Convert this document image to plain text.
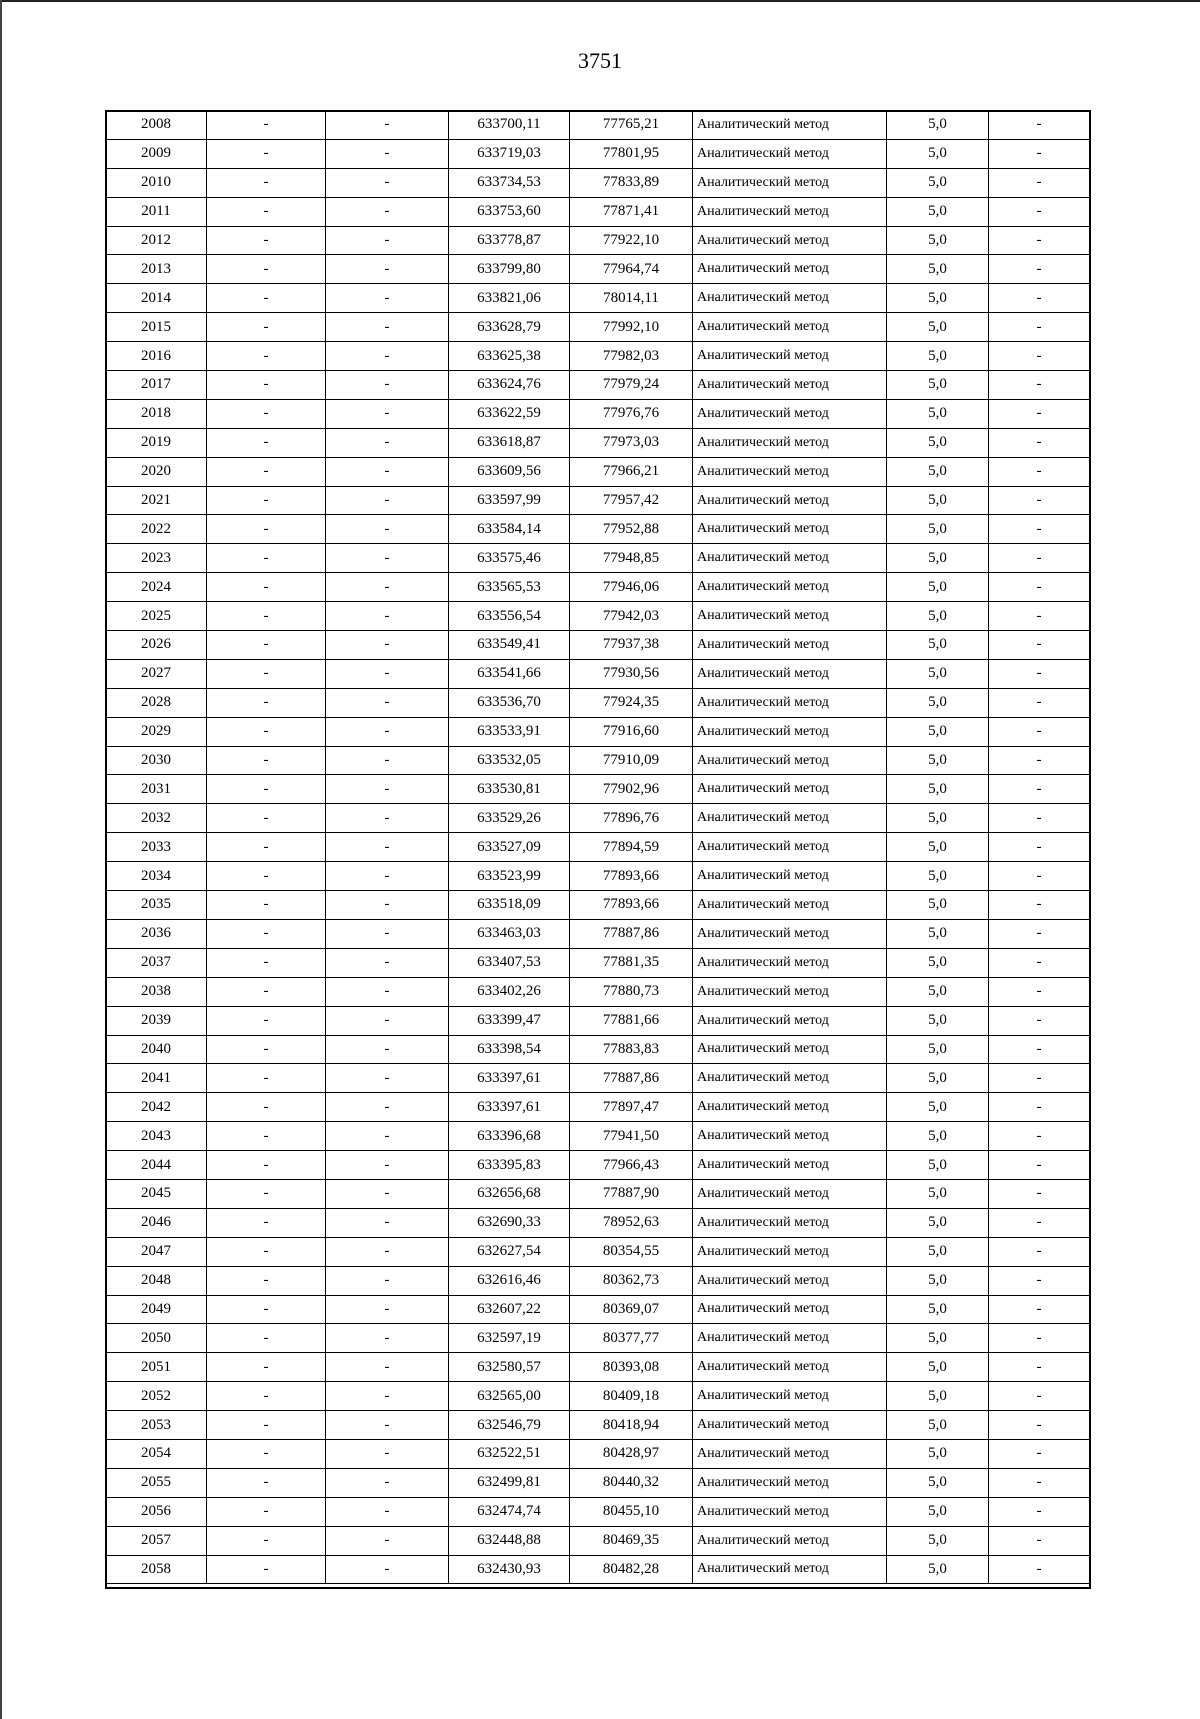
3751
2008	-	-	633700,11	77765,21	Аналитический метод	5,0	-
2009	-	-	633719,03	77801,95	Аналитический метод	5,0	-
2010	-	-	633734,53	77833,89	Аналитический метод	5,0	-
2011	-	-	633753,60	77871,41	Аналитический метод	5,0	-
2012	-	-	633778,87	77922,10	Аналитический метод	5,0	-
2013	-	-	633799,80	77964,74	Аналитический метод	5,0	-
2014	-	-	633821,06	78014,11	Аналитический метод	5,0	-
2015	-	-	633628,79	77992,10	Аналитический метод	5,0	-
2016	-	-	633625,38	77982,03	Аналитический метод	5,0	-
2017	-	-	633624,76	77979,24	Аналитический метод	5,0	-
2018	-	-	633622,59	77976,76	Аналитический метод	5,0	-
2019	-	-	633618,87	77973,03	Аналитический метод	5,0	-
2020	-	-	633609,56	77966,21	Аналитический метод	5,0	-
2021	-	-	633597,99	77957,42	Аналитический метод	5,0	-
2022	-	-	633584,14	77952,88	Аналитический метод	5,0	-
2023	-	-	633575,46	77948,85	Аналитический метод	5,0	-
2024	-	-	633565,53	77946,06	Аналитический метод	5,0	-
2025	-	-	633556,54	77942,03	Аналитический метод	5,0	-
2026	-	-	633549,41	77937,38	Аналитический метод	5,0	-
2027	-	-	633541,66	77930,56	Аналитический метод	5,0	-
2028	-	-	633536,70	77924,35	Аналитический метод	5,0	-
2029	-	-	633533,91	77916,60	Аналитический метод	5,0	-
2030	-	-	633532,05	77910,09	Аналитический метод	5,0	-
2031	-	-	633530,81	77902,96	Аналитический метод	5,0	-
2032	-	-	633529,26	77896,76	Аналитический метод	5,0	-
2033	-	-	633527,09	77894,59	Аналитический метод	5,0	-
2034	-	-	633523,99	77893,66	Аналитический метод	5,0	-
2035	-	-	633518,09	77893,66	Аналитический метод	5,0	-
2036	-	-	633463,03	77887,86	Аналитический метод	5,0	-
2037	-	-	633407,53	77881,35	Аналитический метод	5,0	-
2038	-	-	633402,26	77880,73	Аналитический метод	5,0	-
2039	-	-	633399,47	77881,66	Аналитический метод	5,0	-
2040	-	-	633398,54	77883,83	Аналитический метод	5,0	-
2041	-	-	633397,61	77887,86	Аналитический метод	5,0	-
2042	-	-	633397,61	77897,47	Аналитический метод	5,0	-
2043	-	-	633396,68	77941,50	Аналитический метод	5,0	-
2044	-	-	633395,83	77966,43	Аналитический метод	5,0	-
2045	-	-	632656,68	77887,90	Аналитический метод	5,0	-
2046	-	-	632690,33	78952,63	Аналитический метод	5,0	-
2047	-	-	632627,54	80354,55	Аналитический метод	5,0	-
2048	-	-	632616,46	80362,73	Аналитический метод	5,0	-
2049	-	-	632607,22	80369,07	Аналитический метод	5,0	-
2050	-	-	632597,19	80377,77	Аналитический метод	5,0	-
2051	-	-	632580,57	80393,08	Аналитический метод	5,0	-
2052	-	-	632565,00	80409,18	Аналитический метод	5,0	-
2053	-	-	632546,79	80418,94	Аналитический метод	5,0	-
2054	-	-	632522,51	80428,97	Аналитический метод	5,0	-
2055	-	-	632499,81	80440,32	Аналитический метод	5,0	-
2056	-	-	632474,74	80455,10	Аналитический метод	5,0	-
2057	-	-	632448,88	80469,35	Аналитический метод	5,0	-
2058	-	-	632430,93	80482,28	Аналитический метод	5,0	-
